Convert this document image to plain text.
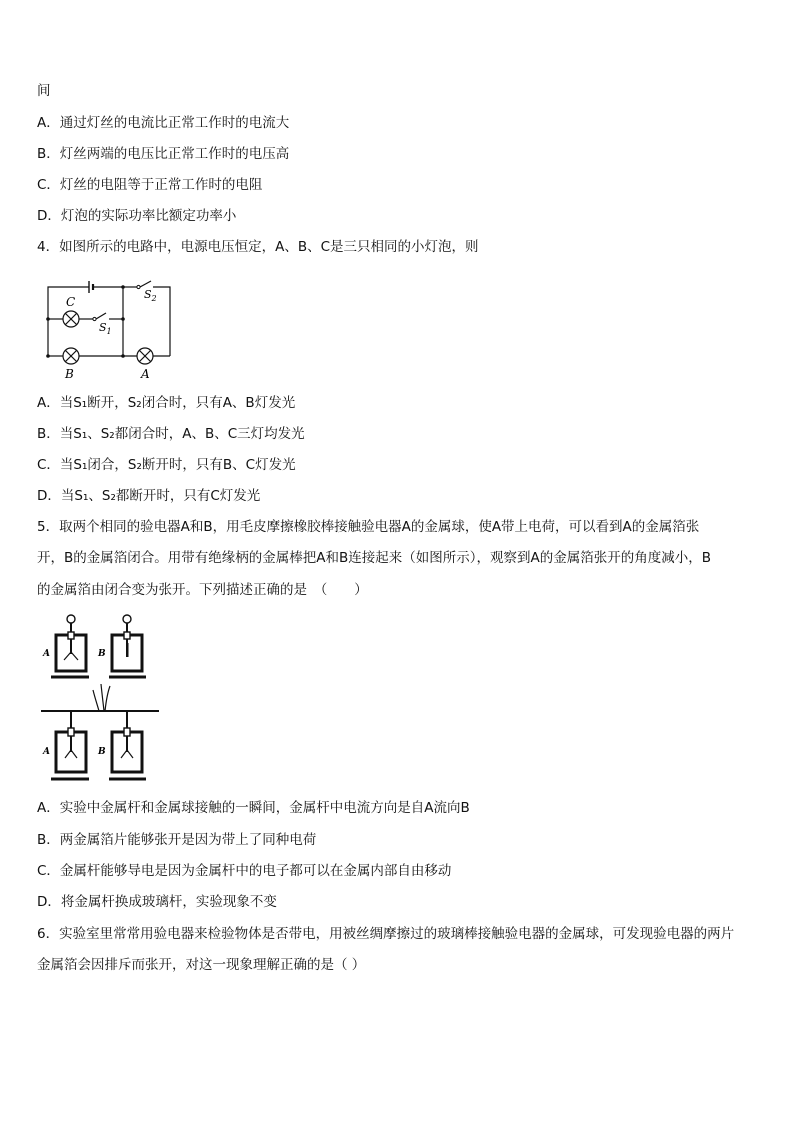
间
A．通过灯丝的电流比正常工作时的电流大
B．灯丝两端的电压比正常工作时的电压高
C．灯丝的电阻等于正常工作时的电阻
D．灯泡的实际功率比额定功率小
4．如图所示的电路中，电源电压恒定，A、B、C是三只相同的小灯泡，则
C
B	A
$S_1$
$S_2$
A．当S₁断开，S₂闭合时，只有A、B灯发光
B．当S₁、S₂都闭合时，A、B、C三灯均发光
C．当S₁闭合，S₂断开时，只有B、C灯发光
D．当S₁、S₂都断开时，只有C灯发光
5．取两个相同的验电器A和B，用毛皮摩擦橡胶棒接触验电器A的金属球，使A带上电荷，可以看到A的金属箔张
开，B的金属箔闭合。用带有绝缘柄的金属棒把A和B连接起来（如图所示），观察到A的金属箔张开的角度减小，B
的金属箔由闭合变为张开。下列描述正确的是　（　　）
A	B
A	B
A．实验中金属杆和金属球接触的一瞬间，金属杆中电流方向是自A流向B
B．两金属箔片能够张开是因为带上了同种电荷
C．金属杆能够导电是因为金属杆中的电子都可以在金属内部自由移动
D．将金属杆换成玻璃杆，实验现象不变
6．实验室里常常用验电器来检验物体是否带电，用被丝绸摩擦过的玻璃棒接触验电器的金属球，可发现验电器的两片
金属箔会因排斥而张开，对这一现象理解正确的是（ ）
